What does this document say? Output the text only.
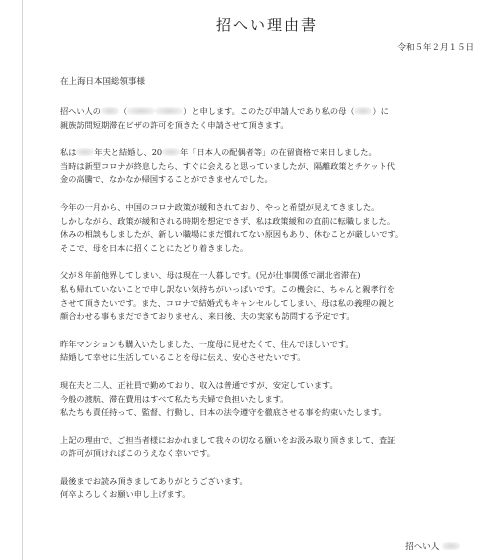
招へい理由書
令和５年２月１５日
在上海日本国総領事様
招へい人の （	）と申します。このたび申請人であり私の母（ ）に
親族訪問短期滞在ビザの許可を頂きたく申請させて頂きます。
私は 年夫と結婚し、20 年「日本人の配偶者等」の在留資格で来日しました。
当時は新型コロナが終息したら、すぐに会えると思っていましたが、隔離政策とチケット代
金の高騰で、なかなか帰国することができませんでした。
今年の一月から、中国のコロナ政策が緩和されており、やっと希望が見えてきました。
しかしながら、政策が緩和される時期を想定できず、私は政策緩和の直前に転職しました。
休みの相談もしましたが、新しい職場にまだ慣れてない原因もあり、休むことが厳しいです。
そこで、母を日本に招くことにたどり着きました。
父が８年前他界してしまい、母は現在一人暮しです。(兄が仕事関係で湖北省滞在)
私も帰れていないことで申し訳ない気持ちがいっぱいです。この機会に、ちゃんと親孝行を
させて頂きたいです。また、コロナで結婚式もキャンセルしてしまい、母は私の義理の親と
顔合わせる事もまだできておりません、来日後、夫の実家も訪問する予定です。
昨年マンションも購入いたしました、一度母に見せたくて、住んでほしいです。
結婚して幸せに生活していることを母に伝え、安心させたいです。
現在夫と二人、正社員で勤めており、収入は普通ですが、安定しています。
今般の渡航、滞在費用はすべて私たち夫婦で負担いたします。
私たちも責任持って、監督、行動し、日本の法令遵守を徹底させる事を約束いたします。
上記の理由で、ご担当者様におかれまして我々の切なる願いをお汲み取り頂きまして、査証
の許可が頂ければこのうえなく幸いです。
最後までお読み頂きましてありがとうございます。
何卒よろしくお願い申し上げます。
招へい人
